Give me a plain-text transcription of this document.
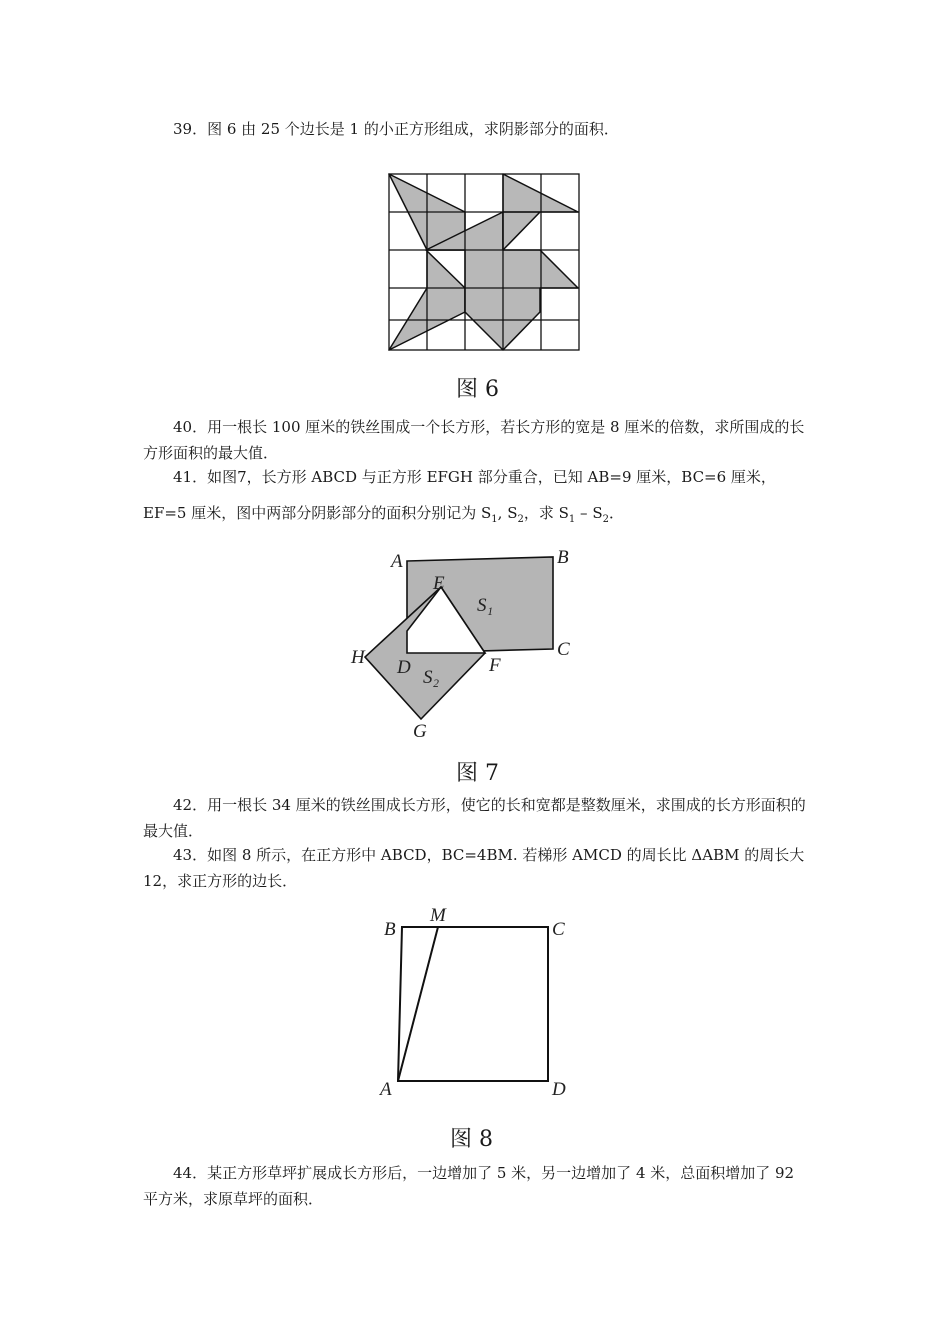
39．图 6 由 25 个边长是 1 的小正方形组成，求阴影部分的面积．

图 6

40．用一根长 100 厘米的铁丝围成一个长方形，若长方形的宽是 8 厘米的倍数，求所围成的长方形面积的最大值．

41．如图7，长方形 ABCD 与正方形 EFGH 部分重合，已知 AB=9 厘米，BC=6 厘米，

EF=5 厘米，图中两部分阴影部分的面积分别记为 $S_1$, $S_2$，求 $S_1 - S_2$．

A	B
C
D
E
F
G
H
S₁
S₂
图 7

42．用一根长 34 厘米的铁丝围成长方形，使它的长和宽都是整数厘米，求围成的长方形面积的最大值．

43．如图 8 所示，在正方形中 ABCD，BC=4BM. 若梯形 AMCD 的周长比 ΔABM 的周长大 12，求正方形的边长．

B
M
C
A	D
图 8

44．某正方形草坪扩展成长方形后，一边增加了 5 米，另一边增加了 4 米，总面积增加了 92 平方米，求原草坪的面积．
